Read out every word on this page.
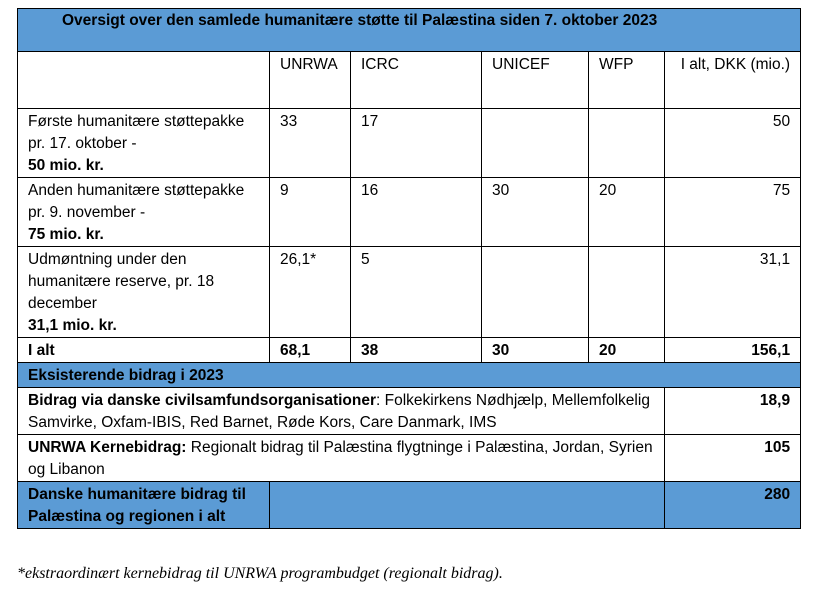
Oversigt over den samlede humanitære støtte til Palæstina siden 7. oktober 2023					
	UNRWA	ICRC	UNICEF	WFP	I alt, DKK (mio.)

Første humanitære støttepakke pr. 17. oktober -
50 mio. kr.	33	17			50

Anden humanitære støttepakke pr. 9. november -
75 mio. kr.	9	16	30	20	75

Udmøntning under den humanitære reserve, pr. 18 december
31,1 mio. kr.	26,1*	5			31,1
I alt	68,1	38	30	20	156,1
Eksisterende bidrag i 2023					
Bidrag via danske civilsamfundsorganisationer: Folkekirkens Nødhjælp, Mellemfolkelig Samvirke, Oxfam-IBIS, Red Barnet, Røde Kors, Care Danmark, IMS					18,9
UNRWA Kernebidrag: Regionalt bidrag til Palæstina flygtninge i Palæstina, Jordan, Syrien og Libanon					105
Danske humanitære bidrag til Palæstina og regionen i alt					280
*ekstraordinært kernebidrag til UNRWA programbudget (regionalt bidrag).
